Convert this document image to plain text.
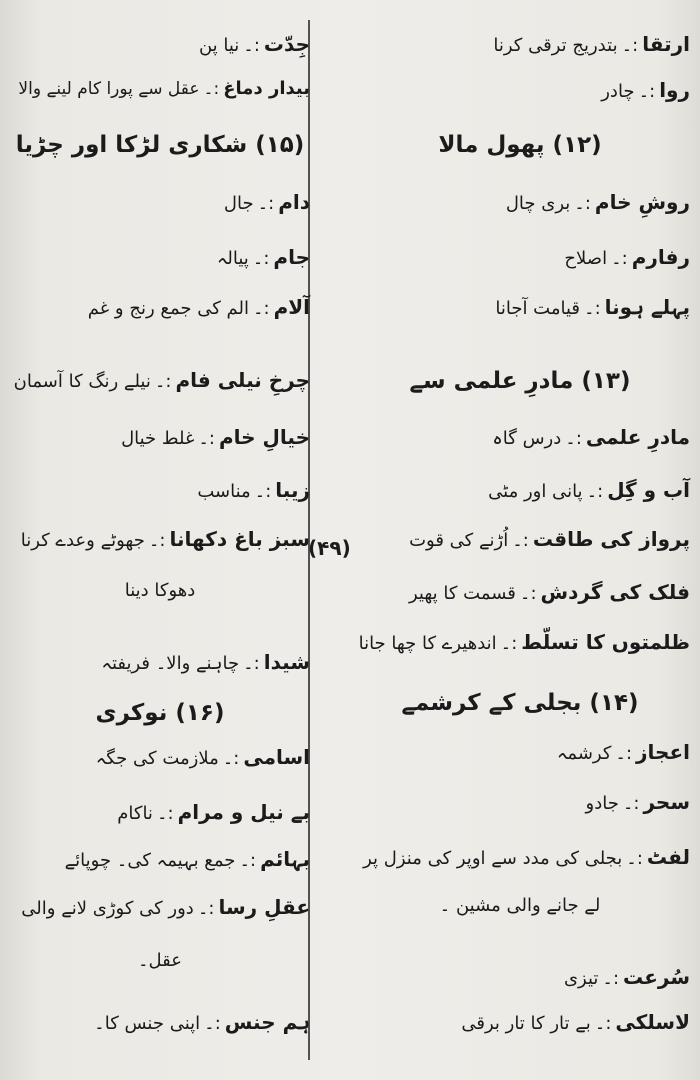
(۴۹)
ارتقا:۔بتدریج ترقی کرنا
روا:۔چادر
(۱۲) پھول مالا
روشِ خام:۔بری چال
رفارم:۔اصلاح
پہلے ہونا:۔قیامت آجانا
(۱۳) مادرِ علمی سے
مادرِ علمی:۔درس گاہ
آب و گِل:۔پانی اور مٹی
پرواز کی طاقت:۔اُڑنے کی قوت
فلک کی گردش:۔قسمت کا پھیر
ظلمتوں کا تسلّط:۔اندھیرے کا چھا جانا
(۱۴) بجلی کے کرشمے
اعجاز:۔کرشمہ
سحر:۔جادو
لفٹ:۔بجلی کی مدد سے اوپر کی منزل پر
لے جانے والی مشین ۔
سُرعت:۔تیزی
لاسلکی:۔بے تار کا تار برقی
جِدّت:۔نیا پن
بیدار دماغ:۔عقل سے پورا کام لینے والا
(۱۵) شکاری لڑکا اور چڑیا
دام:۔جال
جام:۔پیالہ
آلام:۔الم کی جمع رنج و غم
چرخِ نیلی فام:۔نیلے رنگ کا آسمان
خیالِ خام:۔غلط خیال
زیبا:۔مناسب
سبز باغ دکھانا:۔جھوٹے وعدے کرنا
دھوکا دینا
شیدا:۔چاہنے والا۔ فریفتہ
(۱۶) نوکری
اسامی:۔ملازمت کی جگہ
بے نیل و مرام:۔ناکام
بہائم:۔جمع بہیمہ کی۔ چوپائے
عقلِ رسا:۔دور کی کوڑی لانے والی
عقل۔
ہم جنس:۔اپنی جنس کا۔
